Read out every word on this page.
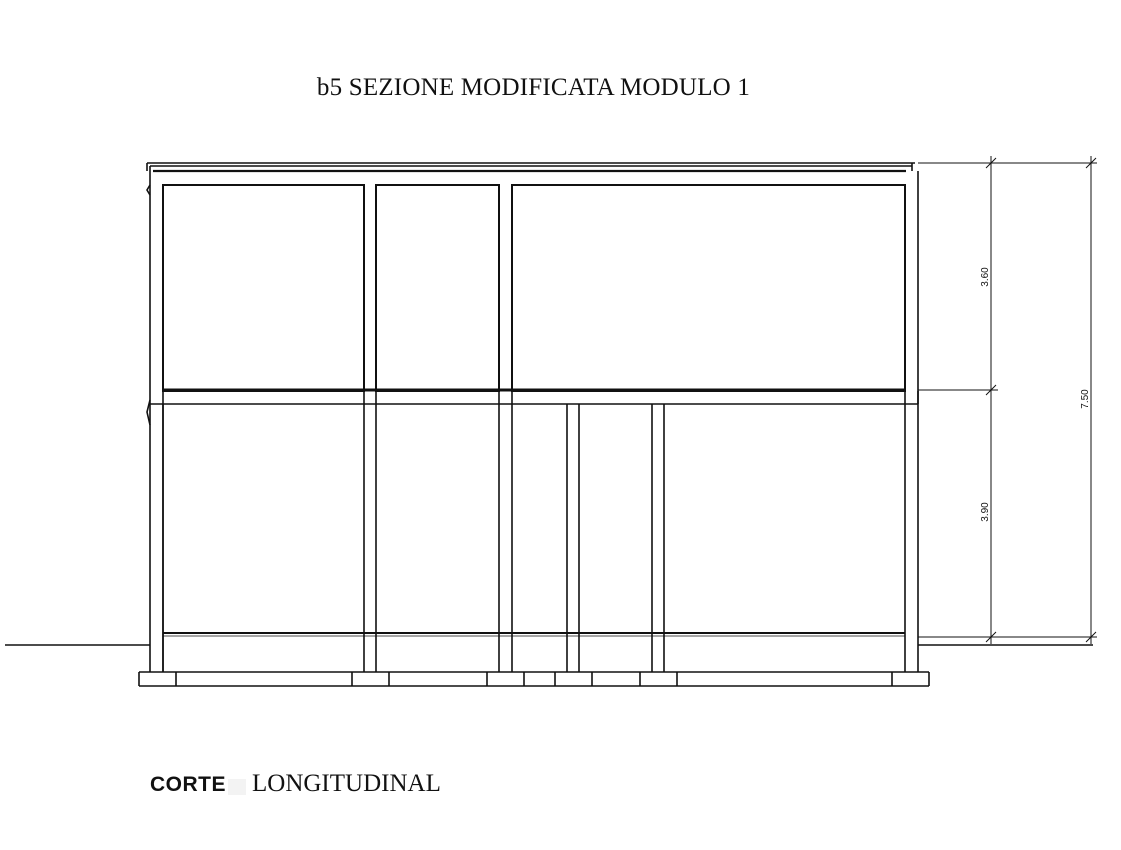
b5 SEZIONE MODIFICATA MODULO 1
3.60
3.90
7.50
CORTE LONGITUDINAL
